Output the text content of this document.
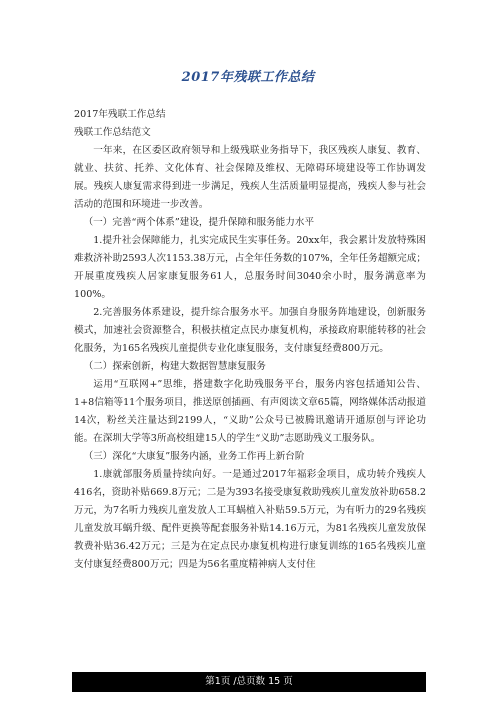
2017年残联工作总结

2017年残联工作总结

残联工作总结范文

一年来，在区委区政府领导和上级残联业务指导下，我区残疾人康复、教育、就业、扶贫、托养、文化体育、社会保障及维权、无障碍环境建设等工作协调发展。残疾人康复需求得到进一步满足，残疾人生活质量明显提高，残疾人参与社会活动的范围和环境进一步改善。

（一）完善“两个体系”建设，提升保障和服务能力水平

1.提升社会保障能力，扎实完成民生实事任务。20xx年，我会累计发放特殊困难救济补助2593人次1153.38万元，占全年任务数的107%，全年任务超额完成；开展重度残疾人居家康复服务61人，总服务时间3040余小时，服务满意率为100%。

2.完善服务体系建设，提升综合服务水平。加强自身服务阵地建设，创新服务模式，加速社会资源整合，积极扶植定点民办康复机构，承接政府职能转移的社会化服务，为165名残疾儿童提供专业化康复服务，支付康复经费800万元。

（二）探索创新，构建大数据智慧康复服务

运用“互联网+”思维，搭建数字化助残服务平台，服务内容包括通知公告、1+8信箱等11个服务项目，推送原创插画、有声阅读文章65篇，网络媒体活动报道14次，粉丝关注量达到2199人，“义助”公众号已被腾讯邀请开通原创与评论功能。在深圳大学等3所高校组建15人的学生“义助”志愿助残义工服务队。

（三）深化“大康复”服务内涵，业务工作再上新台阶

1.康就部服务质量持续向好。一是通过2017年福彩金项目，成功转介残疾人416名，资助补贴669.8万元；二是为393名接受康复救助残疾儿童发放补助658.2万元，为7名听力残疾儿童发放人工耳蜗植入补贴59.5万元，为有听力的29名残疾儿童发放耳蜗升级、配件更换等配套服务补贴14.16万元，为81名残疾儿童发放保教费补贴36.42万元；三是为在定点民办康复机构进行康复训练的165名残疾儿童支付康复经费800万元；四是为56名重度精神病人支付住

第1页 /总页数 15 页
